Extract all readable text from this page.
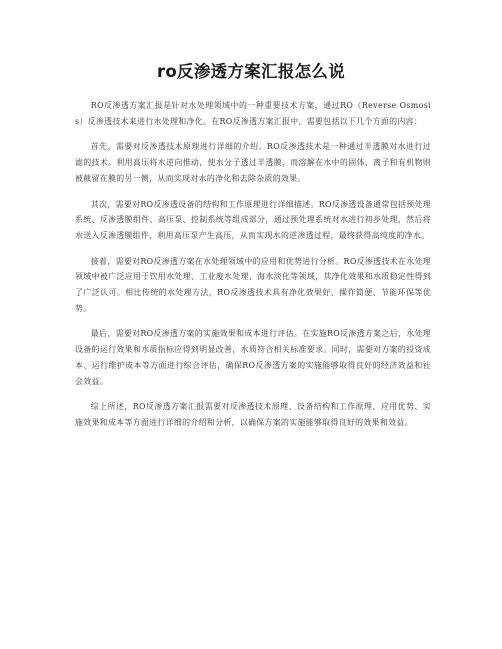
ro反渗透方案汇报怎么说

RO反渗透方案汇报是针对水处理领域中的一种重要技术方案，通过RO（Reverse Osmosis）反渗透技术来进行水处理和净化。在RO反渗透方案汇报中，需要包括以下几个方面的内容：

首先，需要对反渗透技术原理进行详细的介绍。RO反渗透技术是一种通过半透膜对水进行过滤的技术。利用高压将水逆向推动，使水分子透过半透膜，而溶解在水中的固体、离子和有机物则被截留在膜的另一侧，从而实现对水的净化和去除杂质的效果。

其次，需要对RO反渗透设备的结构和工作原理进行详细描述。RO反渗透设备通常包括预处理系统、反渗透膜组件、高压泵、控制系统等组成部分，通过预处理系统对水进行初步处理，然后将水送入反渗透膜组件，利用高压泵产生高压，从而实现水的逆渗透过程，最终获得高纯度的净水。

接着，需要对RO反渗透方案在水处理领域中的应用和优势进行分析。RO反渗透技术在水处理领域中被广泛应用于饮用水处理、工业废水处理、海水淡化等领域，其净化效果和水质稳定性得到了广泛认可。相比传统的水处理方法，RO反渗透技术具有净化效果好、操作简便、节能环保等优势。

最后，需要对RO反渗透方案的实施效果和成本进行评估。在实施RO反渗透方案之后，水处理设备的运行效果和水质指标应得到明显改善，水质符合相关标准要求。同时，需要对方案的投资成本、运行维护成本等方面进行综合评估，确保RO反渗透方案的实施能够取得良好的经济效益和社会效益。

综上所述，RO反渗透方案汇报需要对反渗透技术原理、设备结构和工作原理、应用优势、实施效果和成本等方面进行详细的介绍和分析，以确保方案的实施能够取得良好的效果和效益。
